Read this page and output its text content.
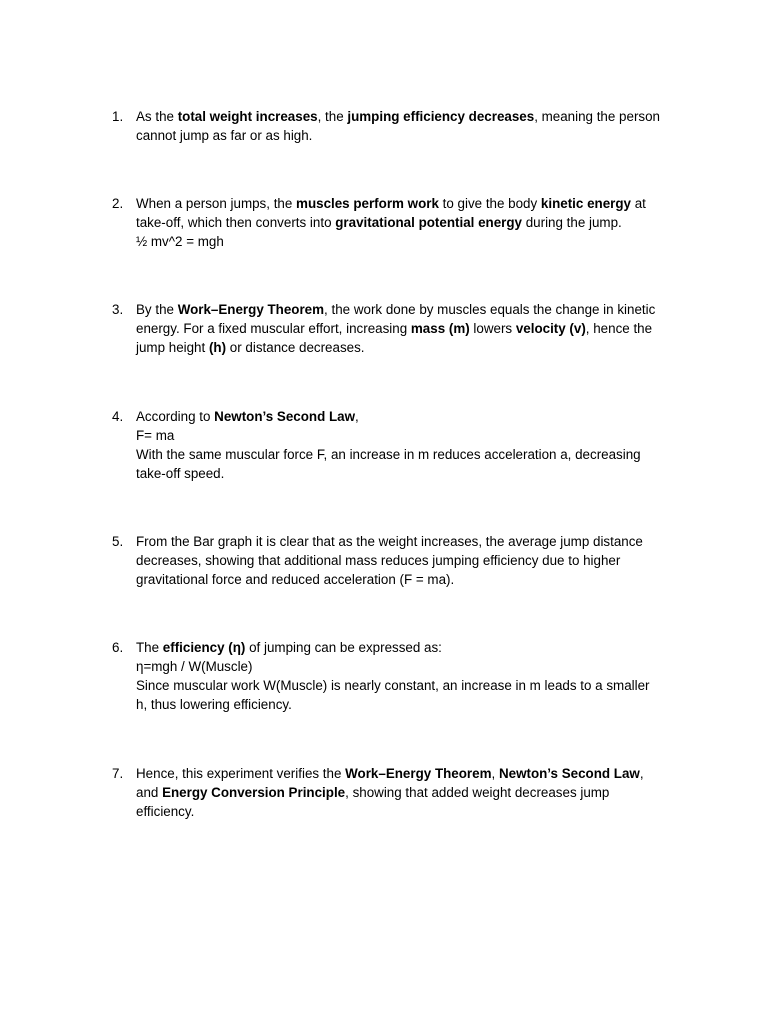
1. As the total weight increases, the jumping efficiency decreases, meaning the person
cannot jump as far or as high.
2. When a person jumps, the muscles perform work to give the body kinetic energy at
take-off, which then converts into gravitational potential energy during the jump.
½ mv^2 = mgh
3. By the Work–Energy Theorem, the work done by muscles equals the change in kinetic
energy. For a fixed muscular effort, increasing mass (m) lowers velocity (v), hence the
jump height (h) or distance decreases.
4. According to Newton’s Second Law,
F= ma
With the same muscular force F, an increase in m reduces acceleration a, decreasing
take-off speed.
5. From the Bar graph it is clear that as the weight increases, the average jump distance
decreases, showing that additional mass reduces jumping efficiency due to higher
gravitational force and reduced acceleration (F = ma).
6. The efficiency (η) of jumping can be expressed as:
η=mgh / W(Muscle)
Since muscular work W(Muscle) is nearly constant, an increase in m leads to a smaller
h, thus lowering efficiency.
7. Hence, this experiment verifies the Work–Energy Theorem, Newton’s Second Law,
and Energy Conversion Principle, showing that added weight decreases jump
efficiency.
